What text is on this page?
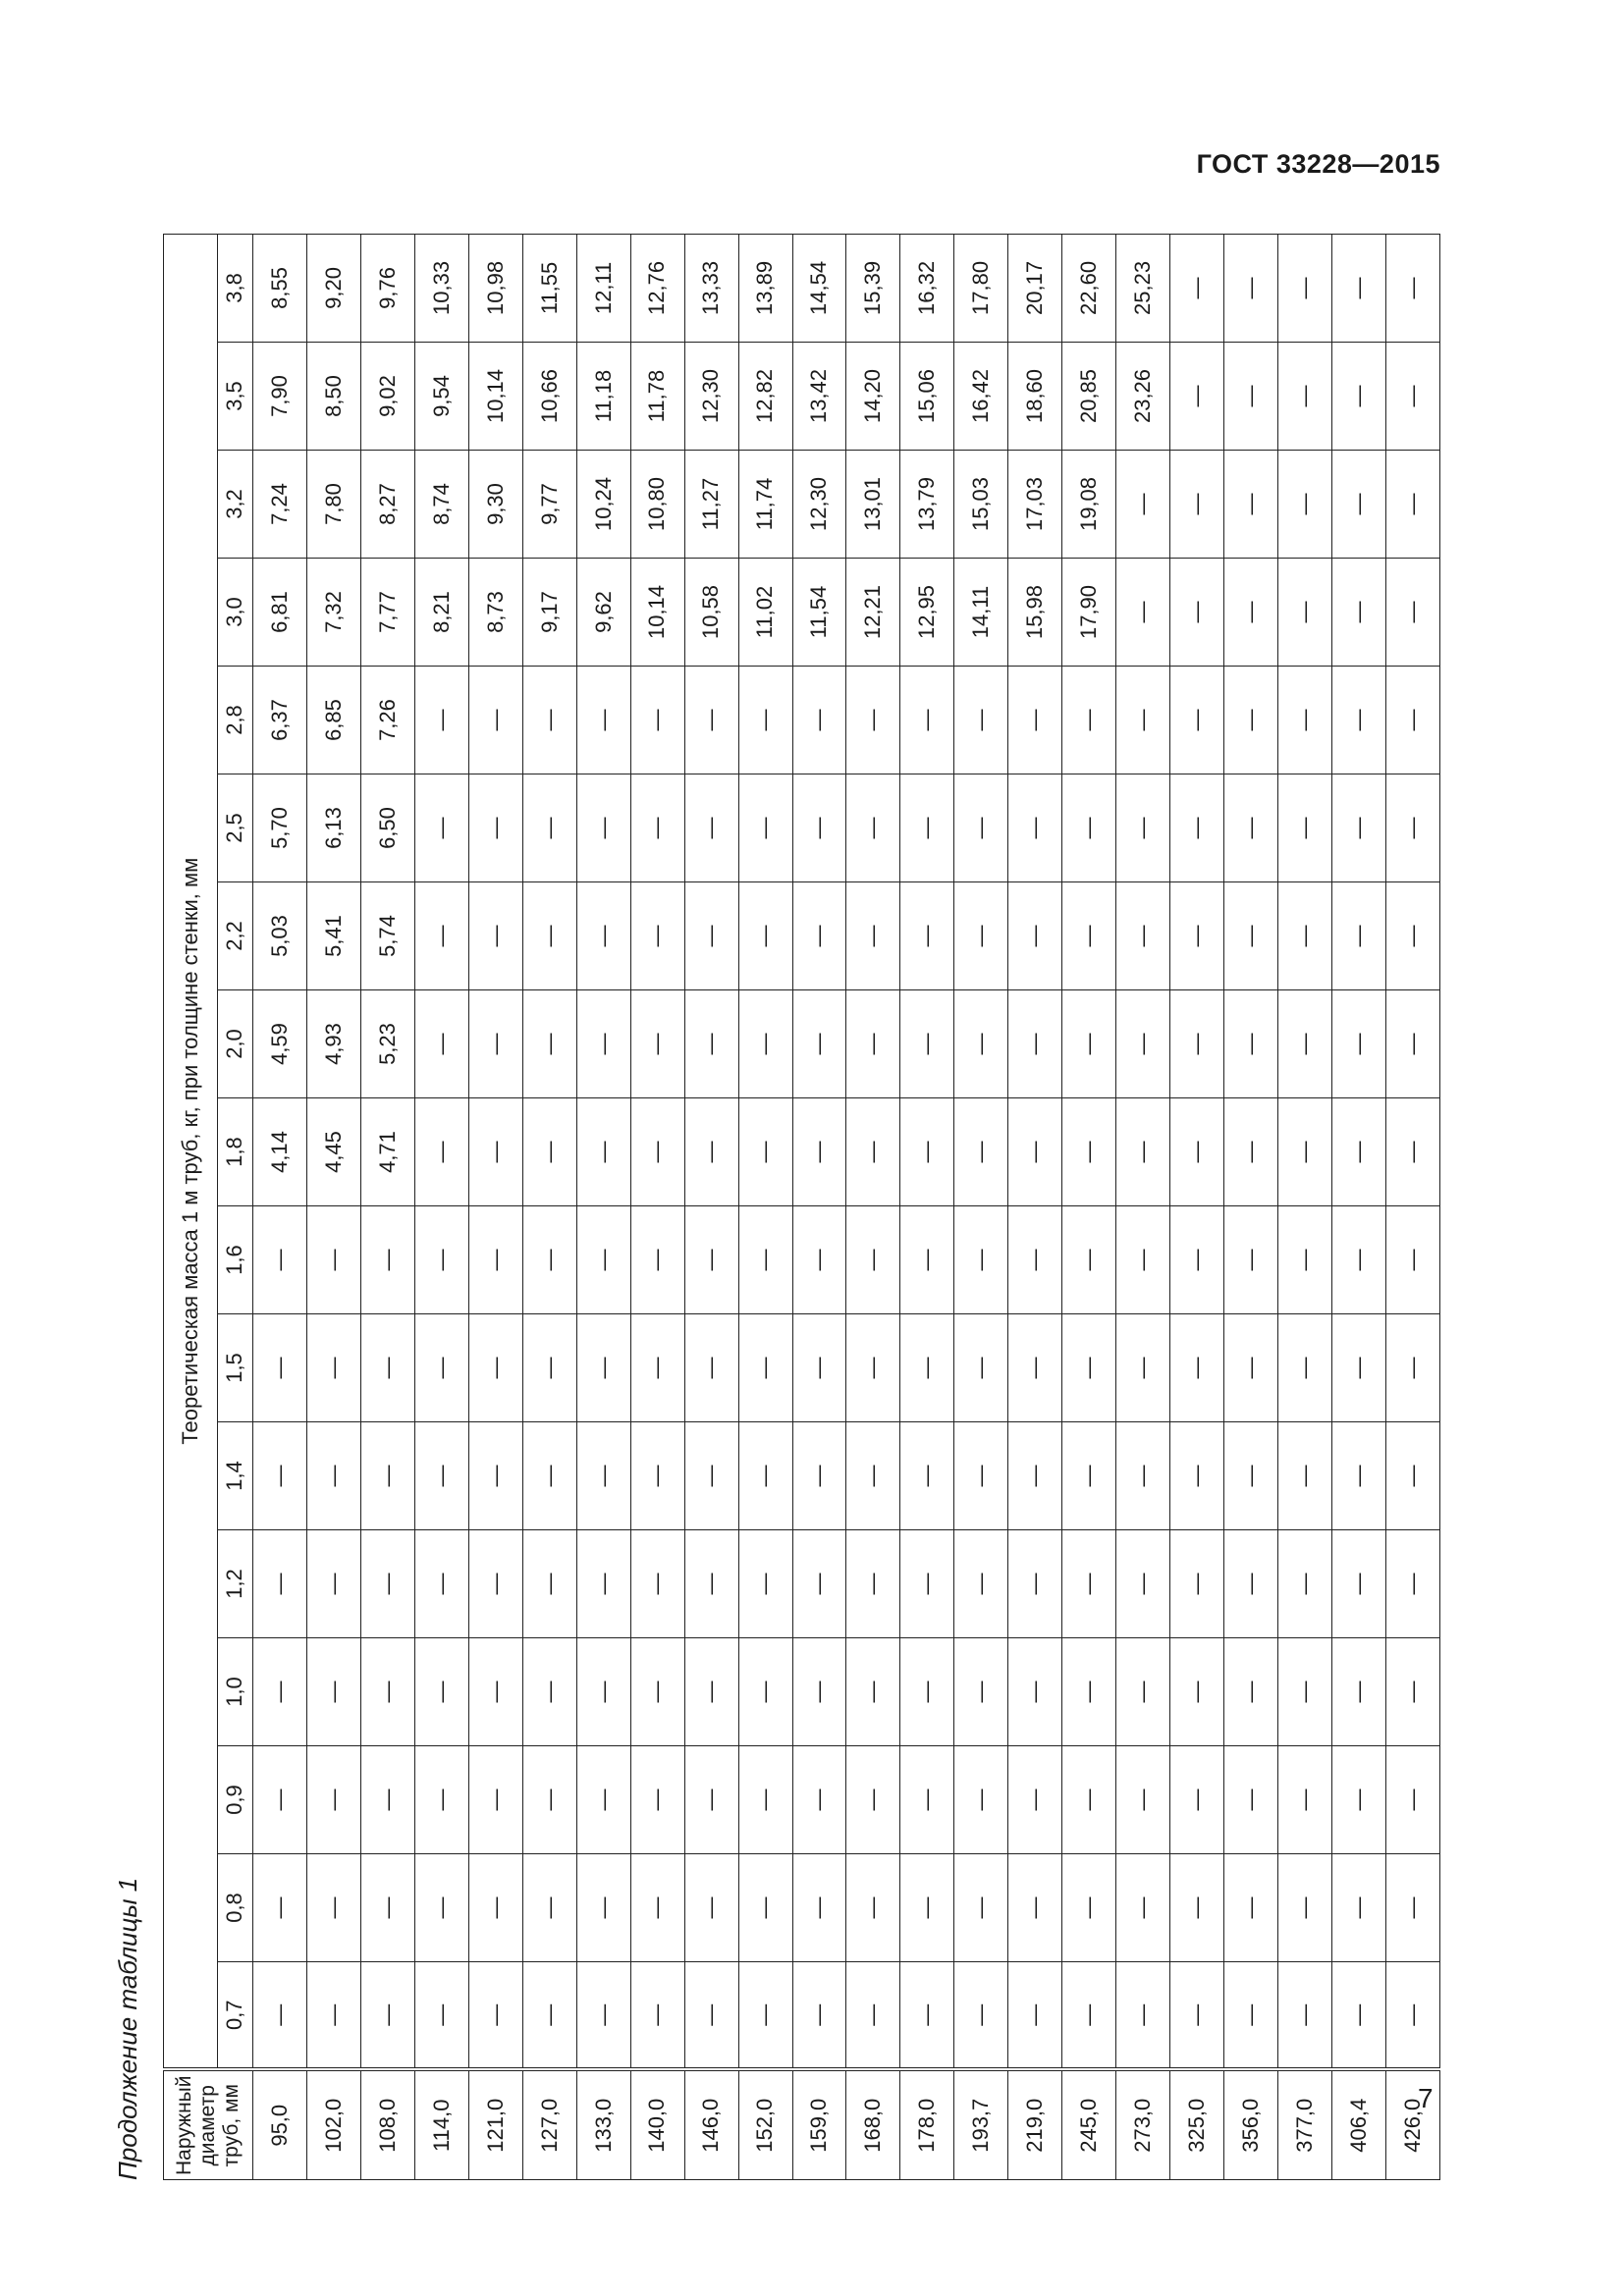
ГОСТ 33228—2015
Продолжение таблицы 1 Наружный диаметр труб, мм	Теоретическая масса 1 м труб, кг, при толщине стенки, мм																
	0,7	0,8	0,9	1,0	1,2	1,4	1,5	1,6	1,8	2,0	2,2	2,5	2,8	3,0	3,2	3,5	3,8
95,0	—	—	—	—	—	—	—	—	4,14	4,59	5,03	5,70	6,37	6,81	7,24	7,90	8,55
102,0	—	—	—	—	—	—	—	—	4,45	4,93	5,41	6,13	6,85	7,32	7,80	8,50	9,20
108,0	—	—	—	—	—	—	—	—	4,71	5,23	5,74	6,50	7,26	7,77	8,27	9,02	9,76
114,0	—	—	—	—	—	—	—	—	—	—	—	—	—	8,21	8,74	9,54	10,33
121,0	—	—	—	—	—	—	—	—	—	—	—	—	—	8,73	9,30	10,14	10,98
127,0	—	—	—	—	—	—	—	—	—	—	—	—	—	9,17	9,77	10,66	11,55
133,0	—	—	—	—	—	—	—	—	—	—	—	—	—	9,62	10,24	11,18	12,11
140,0	—	—	—	—	—	—	—	—	—	—	—	—	—	10,14	10,80	11,78	12,76
146,0	—	—	—	—	—	—	—	—	—	—	—	—	—	10,58	11,27	12,30	13,33
152,0	—	—	—	—	—	—	—	—	—	—	—	—	—	11,02	11,74	12,82	13,89
159,0	—	—	—	—	—	—	—	—	—	—	—	—	—	11,54	12,30	13,42	14,54
168,0	—	—	—	—	—	—	—	—	—	—	—	—	—	12,21	13,01	14,20	15,39
178,0	—	—	—	—	—	—	—	—	—	—	—	—	—	12,95	13,79	15,06	16,32
193,7	—	—	—	—	—	—	—	—	—	—	—	—	—	14,11	15,03	16,42	17,80
219,0	—	—	—	—	—	—	—	—	—	—	—	—	—	15,98	17,03	18,60	20,17
245,0	—	—	—	—	—	—	—	—	—	—	—	—	—	17,90	19,08	20,85	22,60
273,0	—	—	—	—	—	—	—	—	—	—	—	—	—	—	—	23,26	25,23
325,0	—	—	—	—	—	—	—	—	—	—	—	—	—	—	—	—	—
356,0	—	—	—	—	—	—	—	—	—	—	—	—	—	—	—	—	—
377,0	—	—	—	—	—	—	—	—	—	—	—	—	—	—	—	—	—
406,4	—	—	—	—	—	—	—	—	—	—	—	—	—	—	—	—	—
426,0	—	—	—	—	—	—	—	—	—	—	—	—	—	—	—	—	—
7
